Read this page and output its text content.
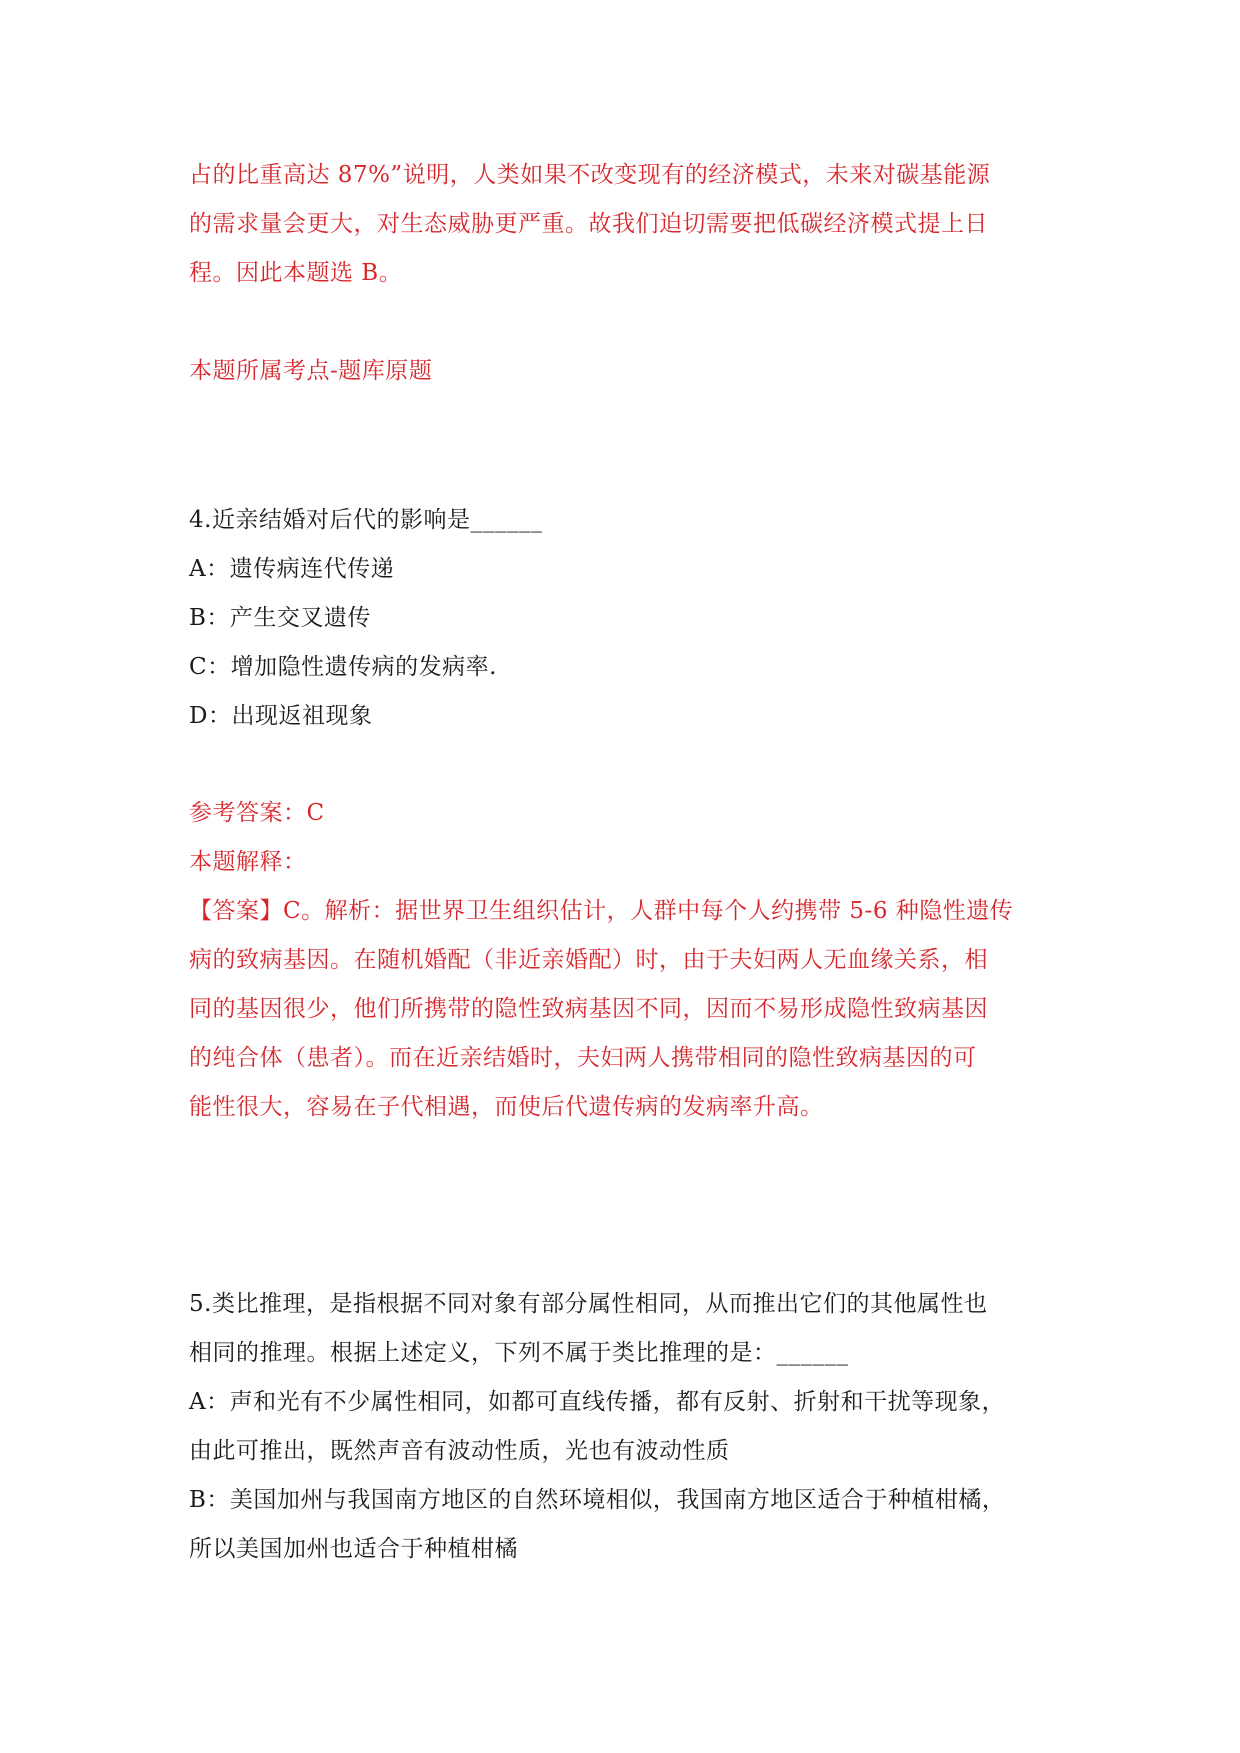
占的比重高达 87%”说明，人类如果不改变现有的经济模式，未来对碳基能源
的需求量会更大，对生态威胁更严重。故我们迫切需要把低碳经济模式提上日
程。因此本题选 B。
本题所属考点-题库原题
4.近亲结婚对后代的影响是______
A：遗传病连代传递
B：产生交叉遗传
C：增加隐性遗传病的发病率.
D：出现返祖现象
参考答案：C
本题解释：
【答案】C。解析：据世界卫生组织估计，人群中每个人约携带 5-6 种隐性遗传
病的致病基因。在随机婚配（非近亲婚配）时，由于夫妇两人无血缘关系，相
同的基因很少，他们所携带的隐性致病基因不同，因而不易形成隐性致病基因
的纯合体（患者）。而在近亲结婚时，夫妇两人携带相同的隐性致病基因的可
能性很大，容易在子代相遇，而使后代遗传病的发病率升高。
5.类比推理，是指根据不同对象有部分属性相同，从而推出它们的其他属性也
相同的推理。根据上述定义，下列不属于类比推理的是：______
A：声和光有不少属性相同，如都可直线传播，都有反射、折射和干扰等现象，
由此可推出，既然声音有波动性质，光也有波动性质
B：美国加州与我国南方地区的自然环境相似，我国南方地区适合于种植柑橘，
所以美国加州也适合于种植柑橘
